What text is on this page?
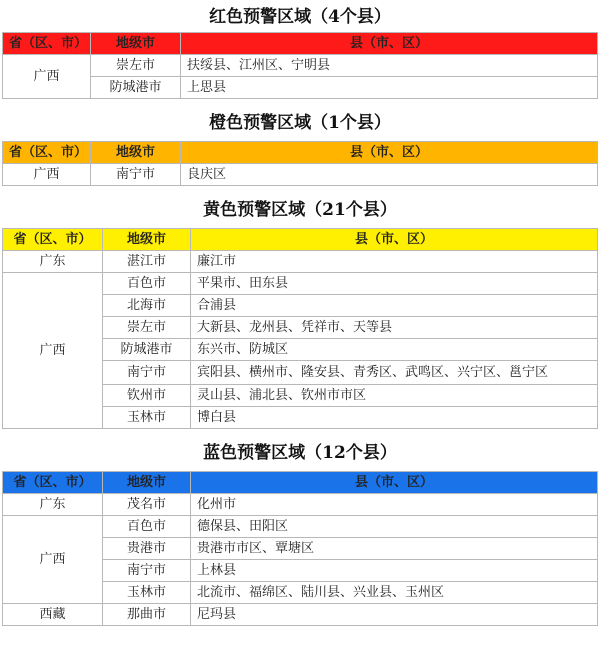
红色预警区域（4个县）
省（区、市）	地级市	县（市、区）
广西	崇左市	扶绥县、江州区、宁明县
	防城港市	上思县
橙色预警区域（1个县）
省（区、市）	地级市	县（市、区）
广西	南宁市	良庆区
黄色预警区域（21个县）
省（区、市）	地级市	县（市、区）
广东	湛江市	廉江市
广西	百色市	平果市、田东县
	北海市	合浦县
	崇左市	大新县、龙州县、凭祥市、天等县
	防城港市	东兴市、防城区
	南宁市	宾阳县、横州市、隆安县、青秀区、武鸣区、兴宁区、邕宁区
	钦州市	灵山县、浦北县、钦州市市区
	玉林市	博白县
蓝色预警区域（12个县）
省（区、市）	地级市	县（市、区）
广东	茂名市	化州市
广西	百色市	德保县、田阳区
	贵港市	贵港市市区、覃塘区
	南宁市	上林县
	玉林市	北流市、福绵区、陆川县、兴业县、玉州区
西藏	那曲市	尼玛县
